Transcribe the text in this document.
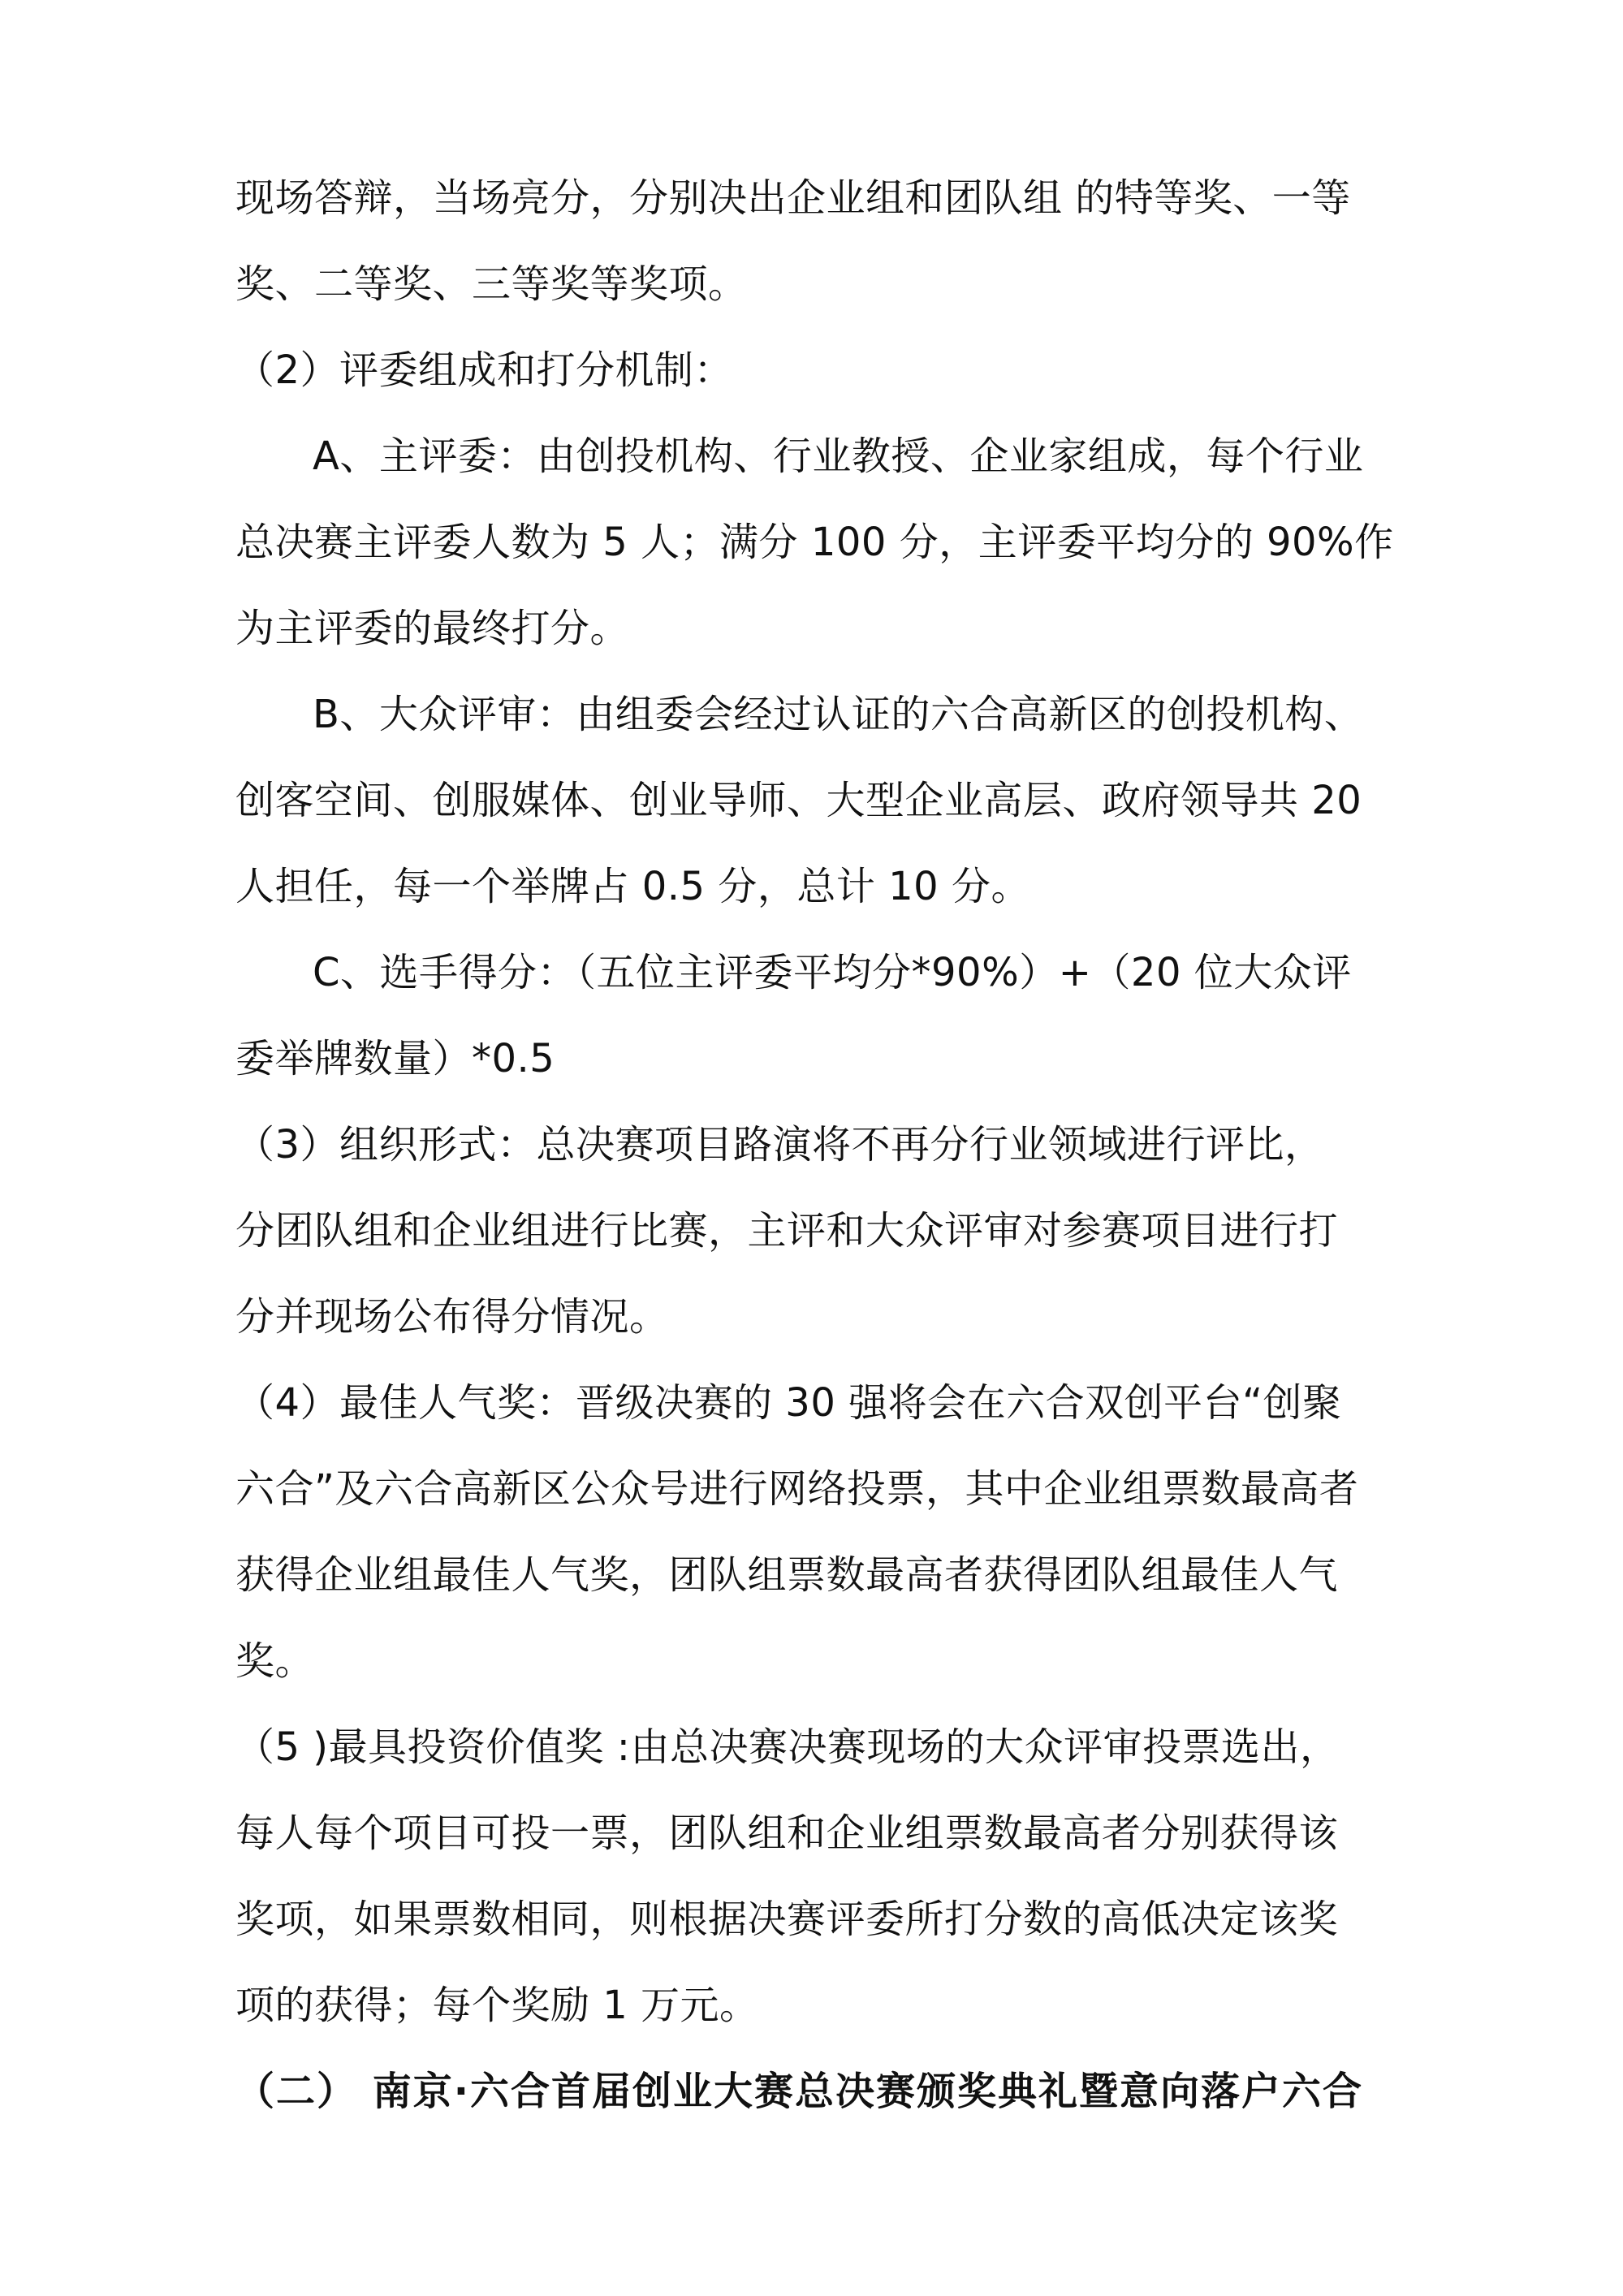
现场答辩，当场亮分，分别决出企业组和团队组 的特等奖、一等
奖、二等奖、三等奖等奖项。
（2）评委组成和打分机制：
A、主评委：由创投机构、行业教授、企业家组成，每个行业
总决赛主评委人数为 5 人；满分 100 分，主评委平均分的 90%作
为主评委的最终打分。
B、大众评审：由组委会经过认证的六合高新区的创投机构、
创客空间、创服媒体、创业导师、大型企业高层、政府领导共 20
人担任，每一个举牌占 0.5 分，总计 10 分。
C、选手得分：（五位主评委平均分*90%）+（20 位大众评
委举牌数量）*0.5
（3）组织形式：总决赛项目路演将不再分行业领域进行评比，
分团队组和企业组进行比赛，主评和大众评审对参赛项目进行打
分并现场公布得分情况。
（4）最佳人气奖：晋级决赛的 30 强将会在六合双创平台“创聚
六合”及六合高新区公众号进行网络投票，其中企业组票数最高者
获得企业组最佳人气奖，团队组票数最高者获得团队组最佳人气
奖。
（5 )最具投资价值奖 :由总决赛决赛现场的大众评审投票选出，
每人每个项目可投一票，团队组和企业组票数最高者分别获得该
奖项，如果票数相同，则根据决赛评委所打分数的高低决定该奖
项的获得；每个奖励 1 万元。
（二） 南京·六合首届创业大赛总决赛颁奖典礼暨意向落户六合
